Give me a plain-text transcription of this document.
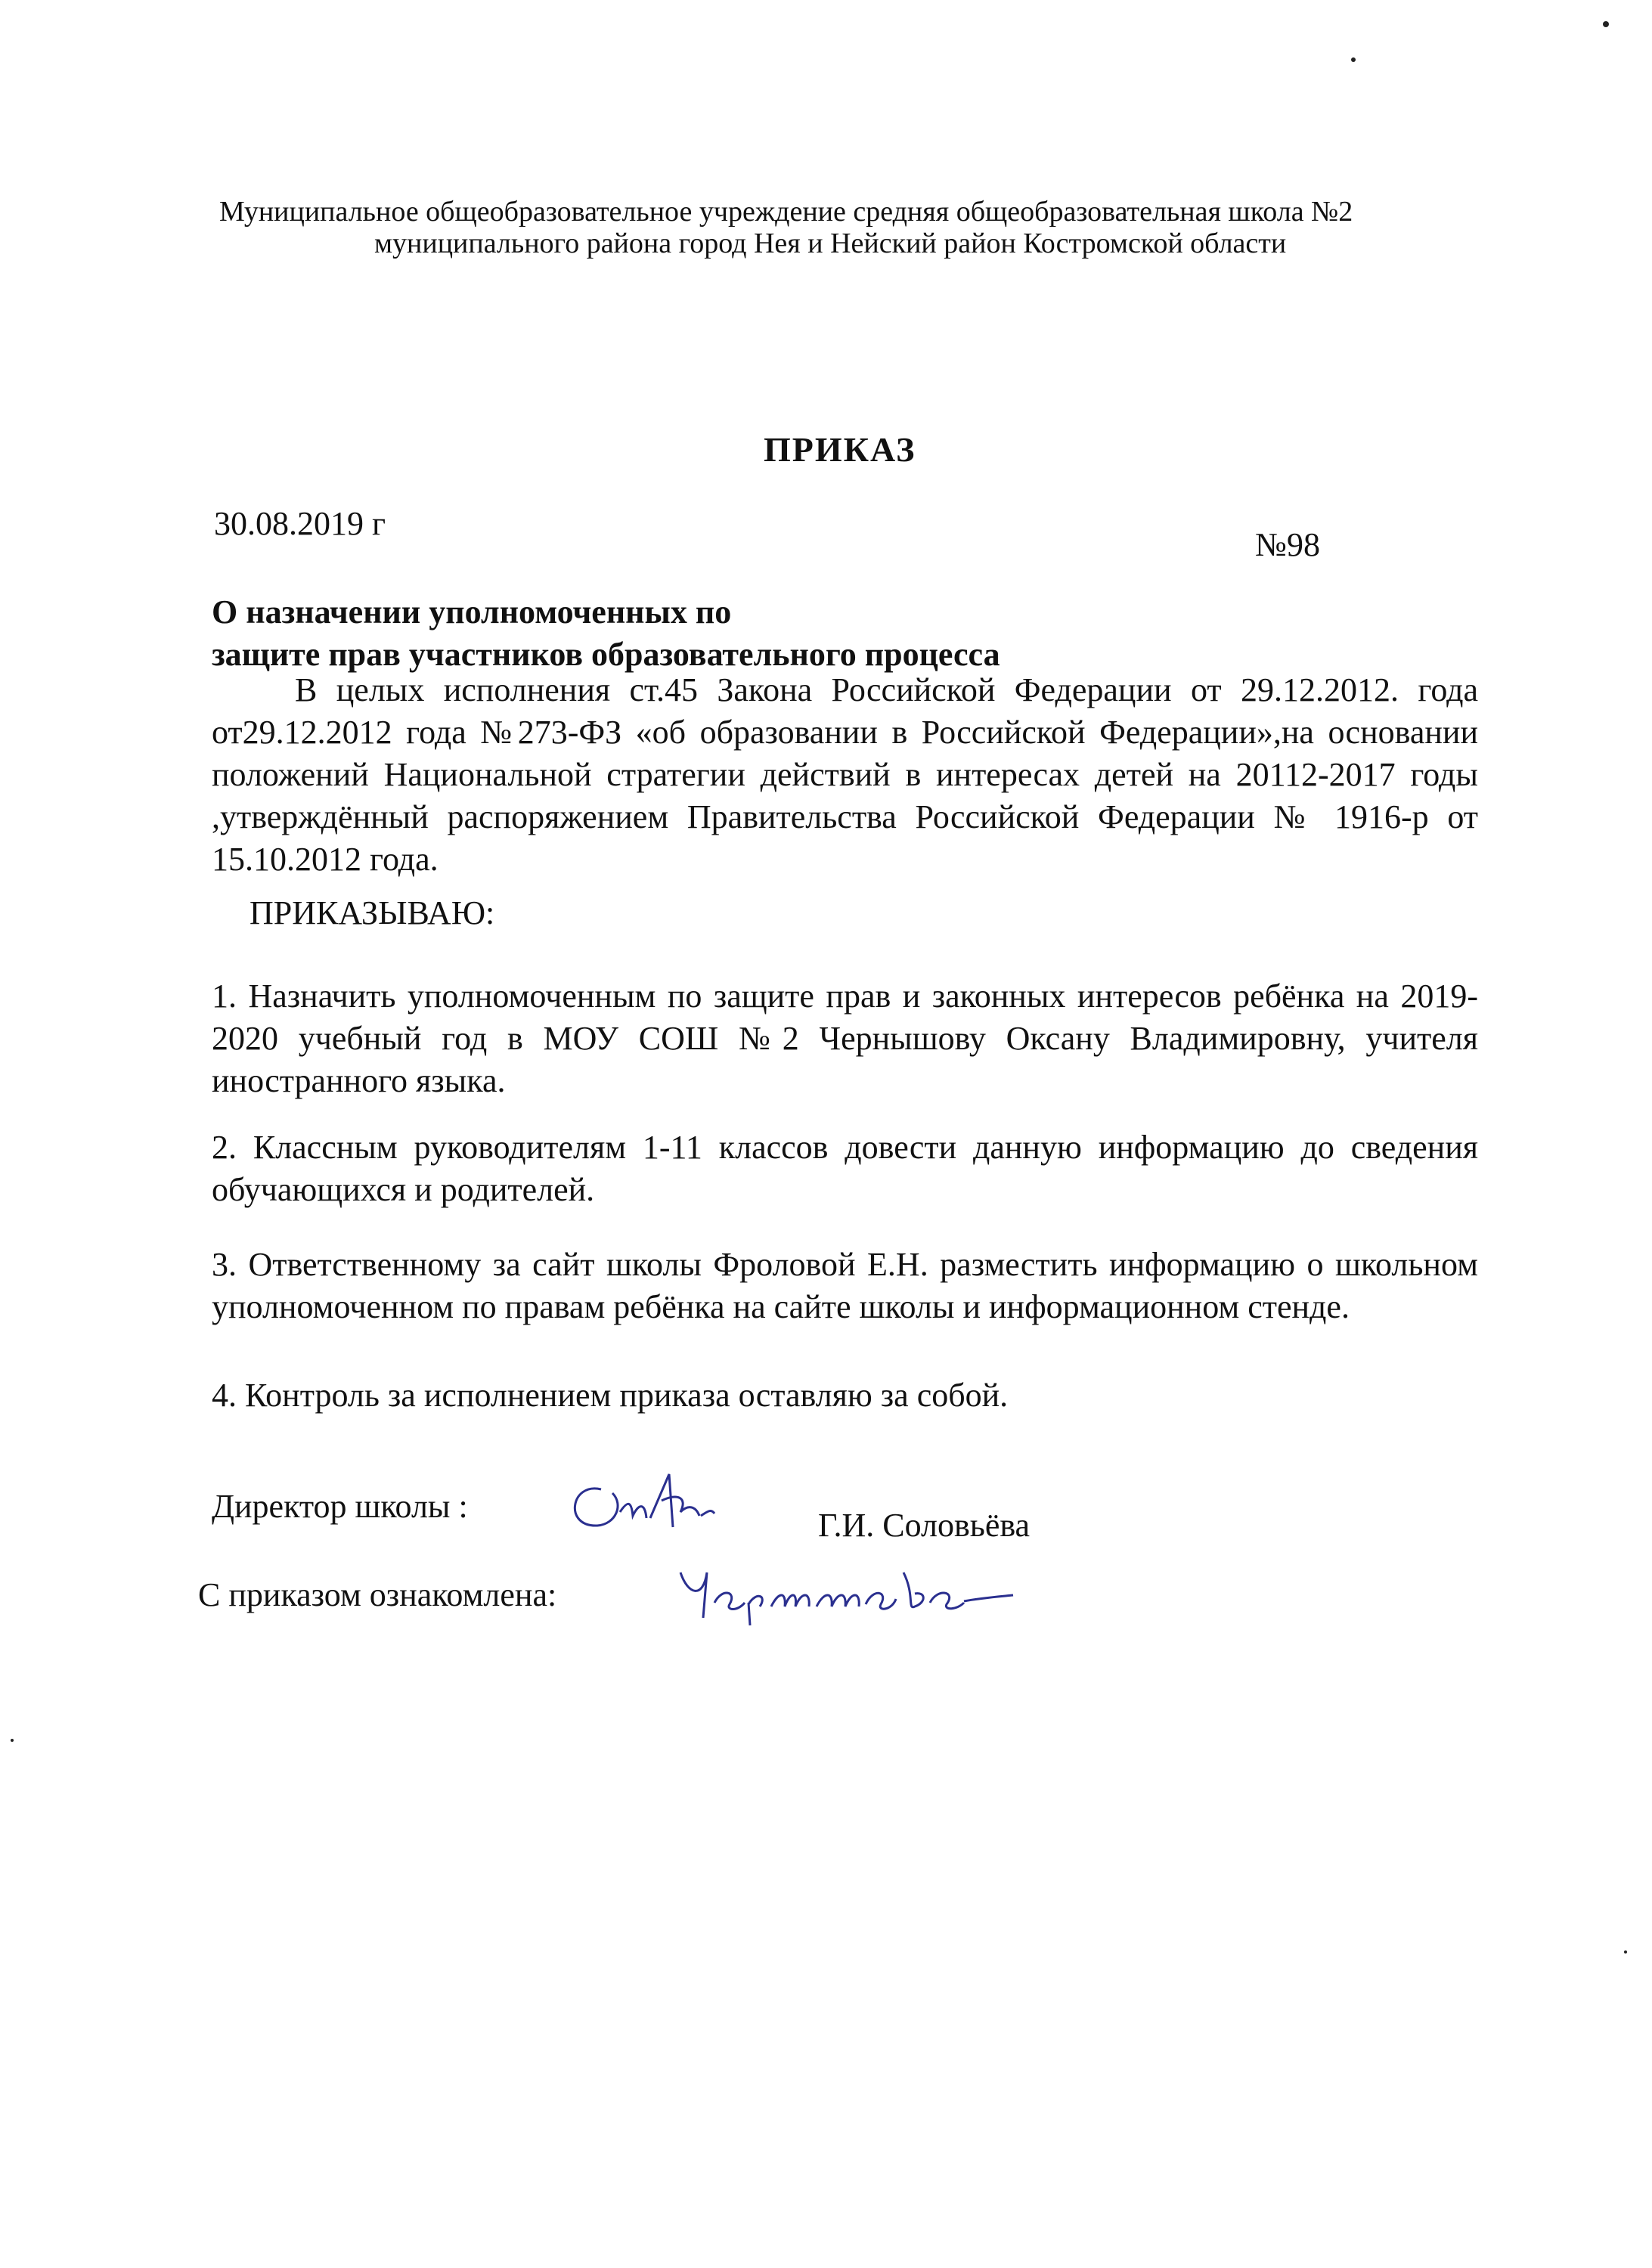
Муниципальное общеобразовательное учреждение средняя общеобразовательная школа №2
муниципального района город Нея и Нейский район Костромской области
ПРИКАЗ
30.08.2019 г
№98
О назначении уполномоченных по
защите прав участников образовательного процесса
В целых исполнения ст.45 Закона Российской Федерации от 29.12.2012. года от29.12.2012 года №273-ФЗ «об образовании в Российской Федерации»,на основании положений Национальной стратегии действий в интересах детей на 20112-2017 годы ,утверждённый распоряжением Правительства Российской Федерации № 1916-р от 15.10.2012 года.
ПРИКАЗЫВАЮ:
1. Назначить уполномоченным по защите прав и законных интересов ребёнка на 2019-2020 учебный год в МОУ СОШ №2 Чернышову Оксану Владимировну, учителя иностранного языка.
2. Классным руководителям 1-11 классов довести данную информацию до сведения обучающихся и родителей.
3. Ответственному за сайт школы Фроловой Е.Н. разместить информацию о школьном уполномоченном по правам ребёнка на сайте школы и информационном стенде.
4. Контроль за исполнением приказа оставляю за собой.
Директор школы :
Г.И. Соловьёва
С приказом ознакомлена:
